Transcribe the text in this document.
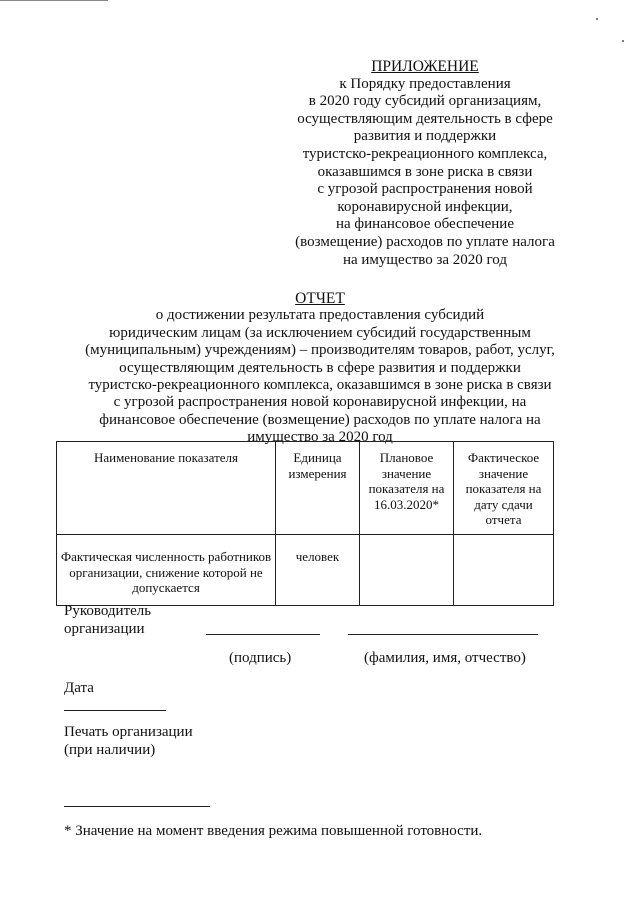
ПРИЛОЖЕНИЕ
к Порядку предоставления
в 2020 году субсидий организациям,
осуществляющим деятельность в сфере
развития и поддержки
туристско-рекреационного комплекса,
оказавшимся в зоне риска в связи
с угрозой распространения новой
коронавирусной инфекции,
на финансовое обеспечение
(возмещение) расходов по уплате налога
на имущество за 2020 год
ОТЧЕТ
о достижении результата предоставления субсидий
юридическим лицам (за исключением субсидий государственным
(муниципальным) учреждениям) – производителям товаров, работ, услуг,
осуществляющим деятельность в сфере развития и поддержки
туристско-рекреационного комплекса, оказавшимся в зоне риска в связи
с угрозой распространения новой коронавирусной инфекции, на
финансовое обеспечение (возмещение) расходов по уплате налога на
имущество за 2020 год
Наименование показателя	Единица измерения	Плановое значение показателя на 16.03.2020*	Фактическое значение показателя на дату сдачи отчета
Фактическая численность работников организации, снижение которой не допускается	человек		
Руководитель
организации
(подпись)	(фамилия, имя, отчество)
Дата
Печать организации
(при наличии)
* Значение на момент введения режима повышенной готовности.
